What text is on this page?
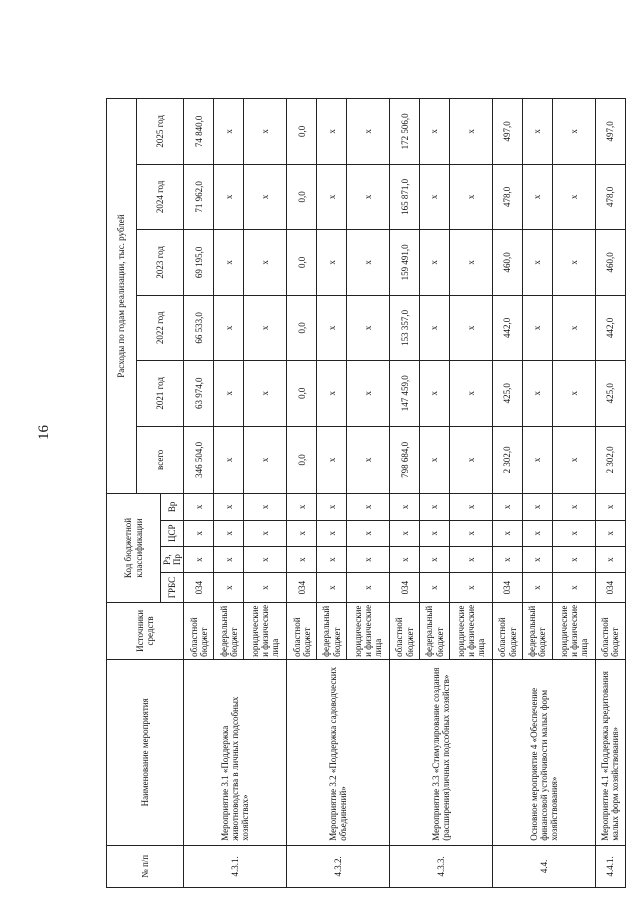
16
№ п/п	Наименование мероприятия	Источники средств	Код бюджетной классификации				Расходы по годам реализации, тыс. рублей					
							всего	2021 год	2022 год	2023 год	2024 год	2025 год
			ГРБС	Рз, Пр	ЦСР	Вр						
4.3.1.	Мероприятие 3.1 «Поддержка животноводства в личных подсобных хозяйствах»	областной бюджет	034	x	x	x	346 504,0	63 974,0	66 533,0	69 195,0	71 962,0	74 840,0
		федеральный бюджет	x	x	x	x	x	x	x	x	x	x
		юридические и физические лица	x	x	x	x	x	x	x	x	x	x
4.3.2.	Мероприятие 3.2 «Поддержка садоводческих объединений»	областной бюджет	034	x	x	x	0,0	0,0	0,0	0,0	0,0	0,0
		федеральный бюджет	x	x	x	x	x	x	x	x	x	x
		юридические и физические лица	x	x	x	x	x	x	x	x	x	x
4.3.3.	Мероприятие 3.3 «Стимулирование создания (расширения)личных подсобных хозяйств»	областной бюджет	034	x	x	x	798 684,0	147 459,0	153 357,0	159 491,0	165 871,0	172 506,0
		федеральный бюджет	x	x	x	x	x	x	x	x	x	x
		юридические и физические лица	x	x	x	x	x	x	x	x	x	x
4.4.	Основное мероприятие 4 «Обеспечение финансовой устойчивости малых форм хозяйствования»	областной бюджет	034	x	x	x	2 302,0	425,0	442,0	460,0	478,0	497,0
		федеральный бюджет	x	x	x	x	x	x	x	x	x	x
		юридические и физические лица	x	x	x	x	x	x	x	x	x	x
4.4.1.	Мероприятие 4.1 «Поддержка кредитования малых форм хозяйствования»	областной бюджет	034	x	x	x	2 302,0	425,0	442,0	460,0	478,0	497,0
